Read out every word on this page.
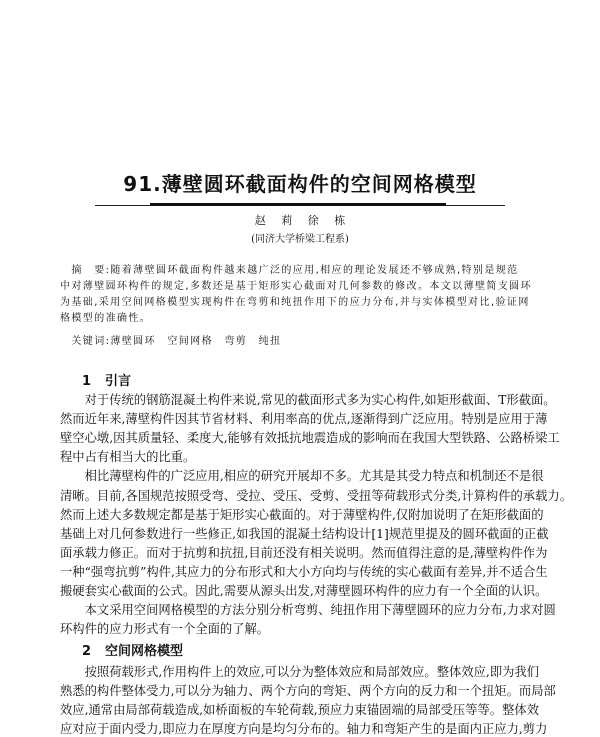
91.薄壁圆环截面构件的空间网格模型
赵 莉 徐 栋
(同济大学桥梁工程系)
　摘　要:随着薄壁圆环截面构件越来越广泛的应用,相应的理论发展还不够成熟,特别是规范
中对薄壁圆环构件的规定,多数还是基于矩形实心截面对几何参数的修改。本文以薄壁简支圆环
为基础,采用空间网格模型实现构件在弯剪和纯扭作用下的应力分布,并与实体模型对比,验证网
格模型的准确性。
　关键词:薄壁圆环　空间网格　弯剪　纯扭
1 引言
　　对于传统的钢筋混凝土构件来说,常见的截面形式多为实心构件,如矩形截面、T形截面。
然而近年来,薄壁构件因其节省材料、利用率高的优点,逐渐得到广泛应用。特别是应用于薄
壁空心墩,因其质量轻、柔度大,能够有效抵抗地震造成的影响而在我国大型铁路、公路桥梁工
程中占有相当大的比重。
　　相比薄壁构件的广泛应用,相应的研究开展却不多。尤其是其受力特点和机制还不是很
清晰。目前,各国规范按照受弯、受拉、受压、受剪、受扭等荷载形式分类,计算构件的承载力。
然而上述大多数规定都是基于矩形实心截面的。对于薄壁构件,仅附加说明了在矩形截面的
基础上对几何参数进行一些修正,如我国的混凝土结构设计[1]规范里提及的圆环截面的正截
面承载力修正。而对于抗剪和抗扭,目前还没有相关说明。然而值得注意的是,薄壁构件作为
一种“强弯抗剪”构件,其应力的分布形式和大小方向均与传统的实心截面有差异,并不适合生
搬硬套实心截面的公式。因此,需要从源头出发,对薄壁圆环构件的应力有一个全面的认识。
　　本文采用空间网格模型的方法分别分析弯剪、纯扭作用下薄壁圆环的应力分布,力求对圆
环构件的应力形式有一个全面的了解。
2 空间网格模型
　　按照荷载形式,作用构件上的效应,可以分为整体效应和局部效应。整体效应,即为我们
熟悉的构件整体受力,可以分为轴力、两个方向的弯矩、两个方向的反力和一个扭矩。而局部
效应,通常由局部荷载造成,如桥面板的车轮荷载,预应力束锚固端的局部受压等等。整体效
应对应于面内受力,即应力在厚度方向是均匀分布的。轴力和弯矩产生的是面内正应力,剪力
